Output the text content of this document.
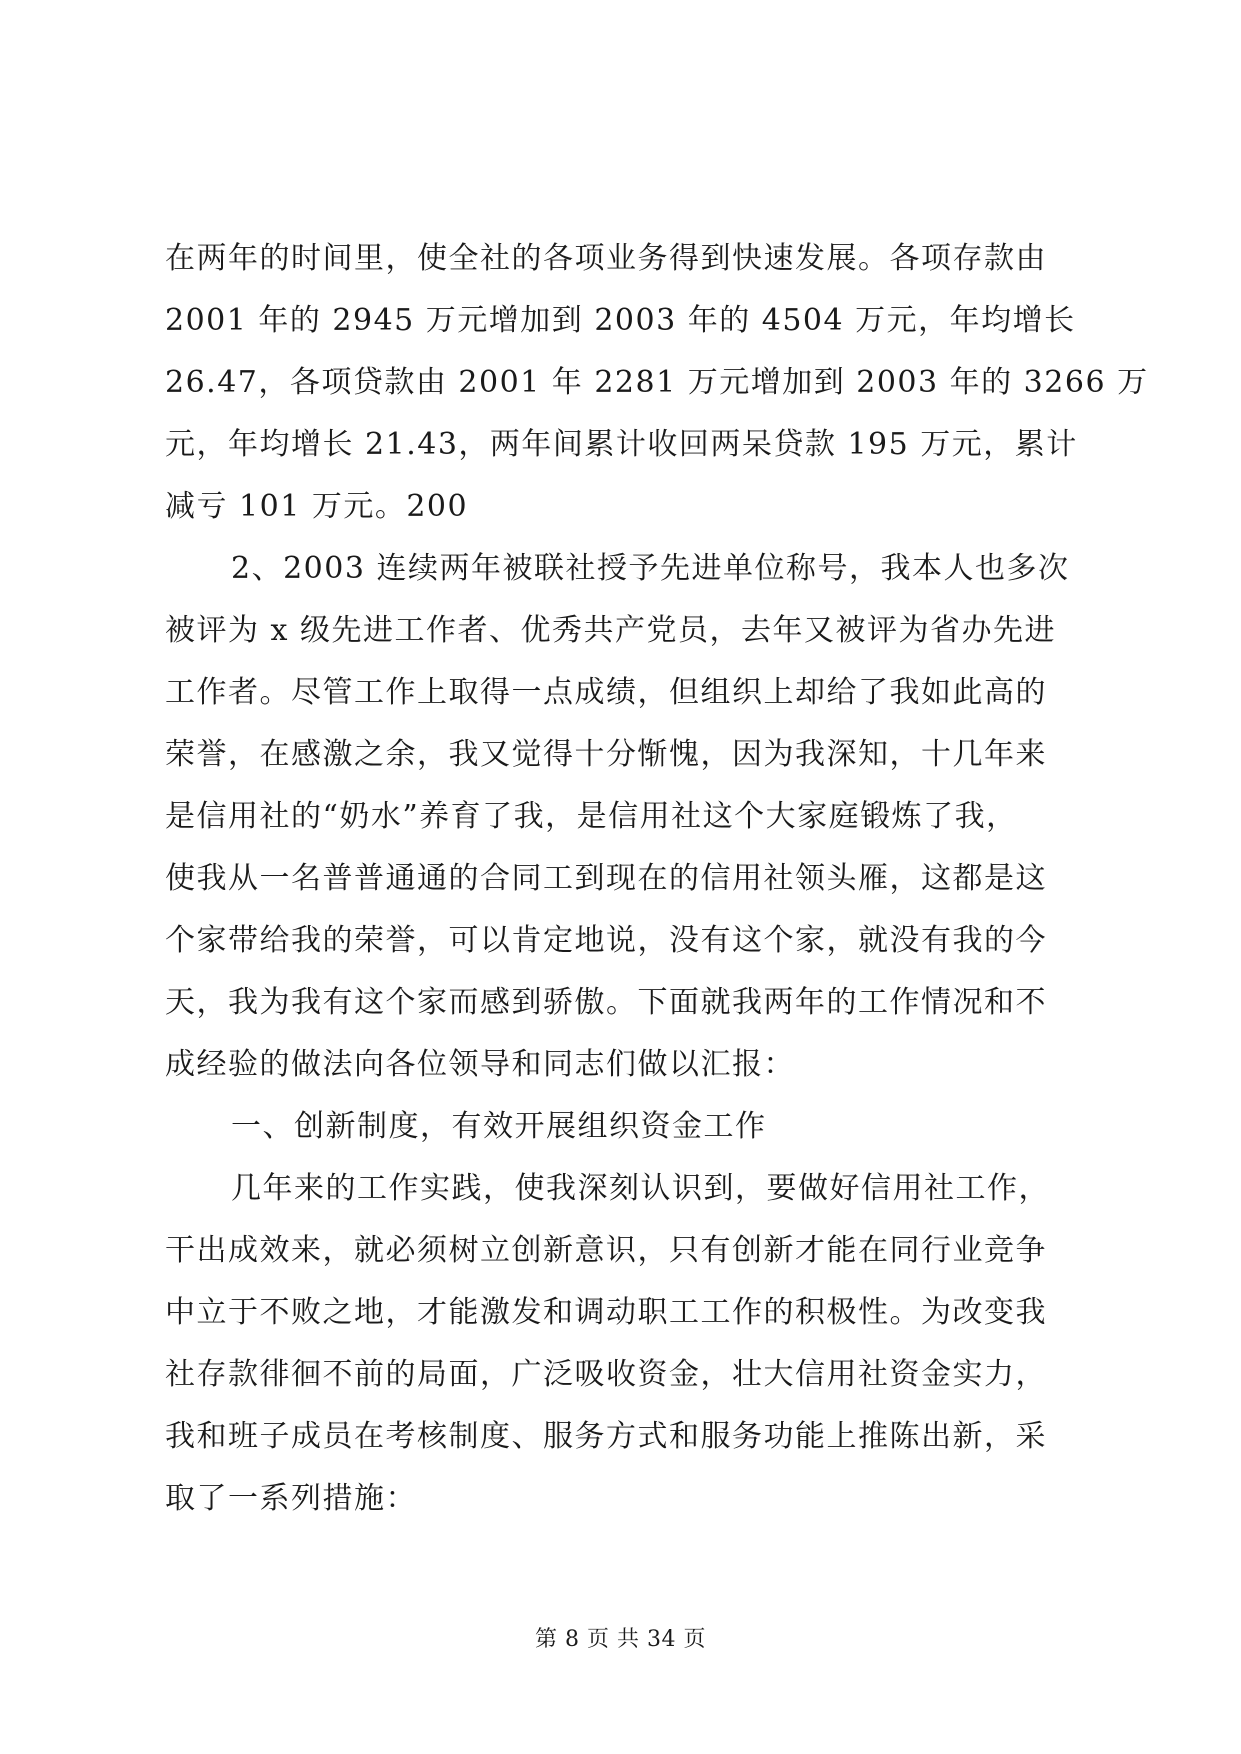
在两年的时间里，使全社的各项业务得到快速发展。各项存款由
2001 年的 2945 万元增加到 2003 年的 4504 万元，年均增长
26.47，各项贷款由 2001 年 2281 万元增加到 2003 年的 3266 万
元，年均增长 21.43，两年间累计收回两呆贷款 195 万元，累计
减亏 101 万元。200
2、2003 连续两年被联社授予先进单位称号，我本人也多次
被评为 x 级先进工作者、优秀共产党员，去年又被评为省办先进
工作者。尽管工作上取得一点成绩，但组织上却给了我如此高的
荣誉，在感激之余，我又觉得十分惭愧，因为我深知，十几年来
是信用社的“奶水”养育了我，是信用社这个大家庭锻炼了我，
使我从一名普普通通的合同工到现在的信用社领头雁，这都是这
个家带给我的荣誉，可以肯定地说，没有这个家，就没有我的今
天，我为我有这个家而感到骄傲。下面就我两年的工作情况和不
成经验的做法向各位领导和同志们做以汇报：
一、创新制度，有效开展组织资金工作
几年来的工作实践，使我深刻认识到，要做好信用社工作，
干出成效来，就必须树立创新意识，只有创新才能在同行业竞争
中立于不败之地，才能激发和调动职工工作的积极性。为改变我
社存款徘徊不前的局面，广泛吸收资金，壮大信用社资金实力，
我和班子成员在考核制度、服务方式和服务功能上推陈出新，采
取了一系列措施：
第 8 页 共 34 页
